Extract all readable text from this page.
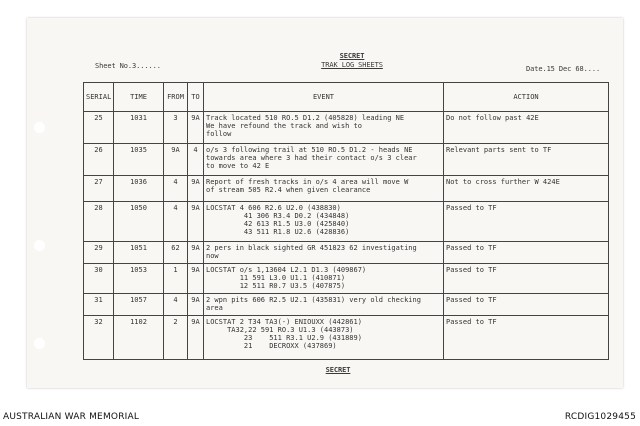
SECRET
TRAK LOG SHEETS
Sheet No.3......	Date.15 Dec 68....
SERIAL	TIME	FROM	TO	EVENT	ACTION
25	1031	3	9A	Track located 510 RO.5 D1.2 (405828) leading NE
We have refound the track and wish to
follow	Do not follow past 42E
26	1035	9A	4	o/s 3 following trail at 510 RO.5 D1.2 - heads NE
towards area where 3 had their contact o/s 3 clear
to move to 42 E	Relevant parts sent to TF
27	1036	4	9A	Report of fresh tracks in o/s 4 area will move W
of stream 505 R2.4 when given clearance	Not to cross further W 424E
28	1050	4	9A	LOCSTAT 4 606 R2.6 U2.0 (438830)
41 306 R3.4 D0.2 (434848)
42 613 R1.5 U3.0 (425840)
43 511 R1.8 U2.6 (428836)	Passed to TF
29	1051	62	9A	2 pers in black sighted GR 451823 62 investigating
now	Passed to TF
30	1053	1	9A	LOCSTAT o/s 1,13604 L2.1 D1.3 (409867)
11 591 L3.0 U1.1 (410871)
12 511 R0.7 U3.5 (407875)	Passed to TF
31	1057	4	9A	2 wpn pits 606 R2.5 U2.1 (435831) very old checking
area	Passed to TF
32	1102	2	9A	LOCSTAT 2 T34 TA3(-) ENIOUXX (442861)
TA32,22 591 RO.3 U1.3 (443873)
23    511 R3.1 U2.9 (431889)
21    DECROXX (437869)	Passed to TF
SECRET
AUSTRALIAN WAR MEMORIAL	RCDIG1029455
